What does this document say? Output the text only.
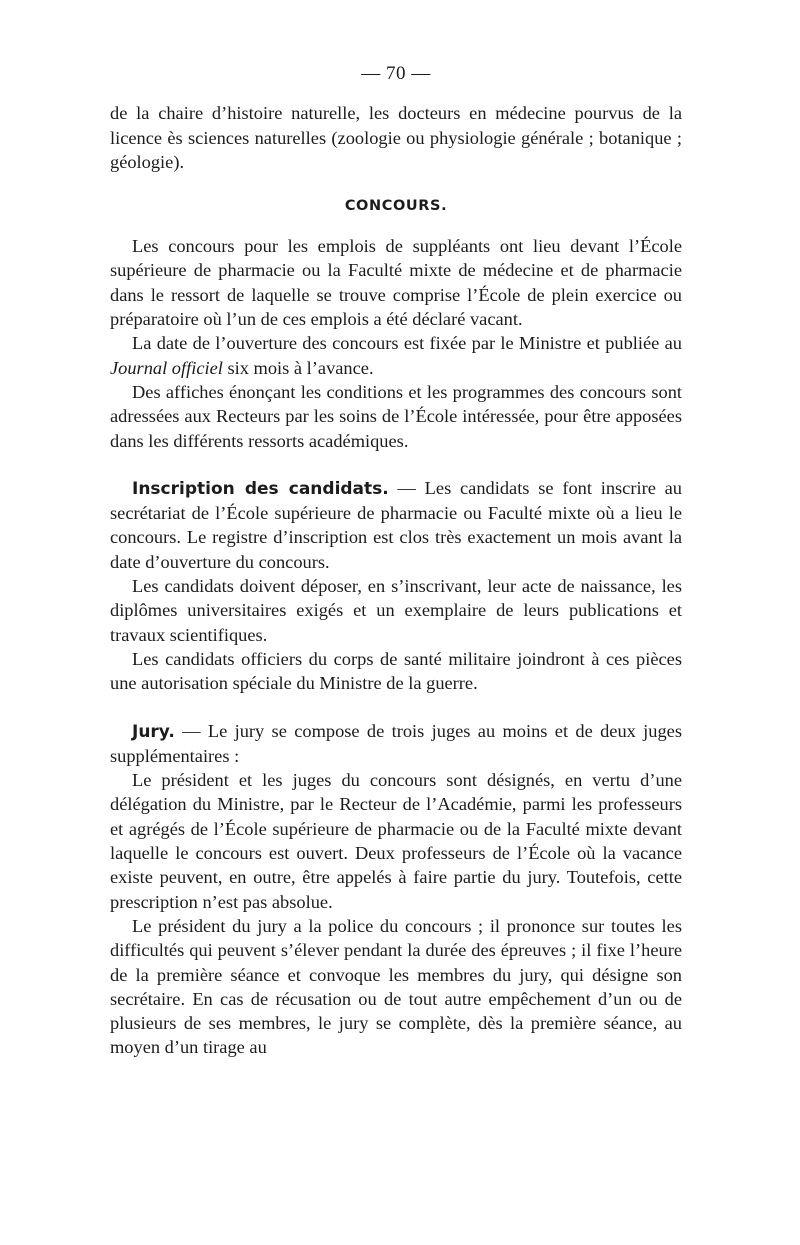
— 70 —

de la chaire d’histoire naturelle, les docteurs en médecine pourvus de la licence ès sciences naturelles (zoologie ou physiologie générale ; botanique ; géologie).

CONCOURS.

Les concours pour les emplois de suppléants ont lieu devant l’École supérieure de pharmacie ou la Faculté mixte de médecine et de pharmacie dans le ressort de laquelle se trouve comprise l’École de plein exercice ou préparatoire où l’un de ces emplois a été déclaré vacant.

La date de l’ouverture des concours est fixée par le Ministre et publiée au Journal officiel six mois à l’avance.

Des affiches énonçant les conditions et les programmes des concours sont adressées aux Recteurs par les soins de l’École intéressée, pour être apposées dans les différents ressorts académiques.

Inscription des candidats. — Les candidats se font inscrire au secrétariat de l’École supérieure de pharmacie ou Faculté mixte où a lieu le concours. Le registre d’inscription est clos très exactement un mois avant la date d’ouverture du concours.

Les candidats doivent déposer, en s’inscrivant, leur acte de naissance, les diplômes universitaires exigés et un exemplaire de leurs publications et travaux scientifiques.

Les candidats officiers du corps de santé militaire joindront à ces pièces une autorisation spéciale du Ministre de la guerre.

Jury. — Le jury se compose de trois juges au moins et de deux juges supplémentaires :

Le président et les juges du concours sont désignés, en vertu d’une délégation du Ministre, par le Recteur de l’Académie, parmi les professeurs et agrégés de l’École supérieure de pharmacie ou de la Faculté mixte devant laquelle le concours est ouvert. Deux professeurs de l’École où la vacance existe peuvent, en outre, être appelés à faire partie du jury. Toutefois, cette prescription n’est pas absolue.

Le président du jury a la police du concours ; il prononce sur toutes les difficultés qui peuvent s’élever pendant la durée des épreuves ; il fixe l’heure de la première séance et convoque les membres du jury, qui désigne son secrétaire. En cas de récusation ou de tout autre empêchement d’un ou de plusieurs de ses membres, le jury se complète, dès la première séance, au moyen d’un tirage au
